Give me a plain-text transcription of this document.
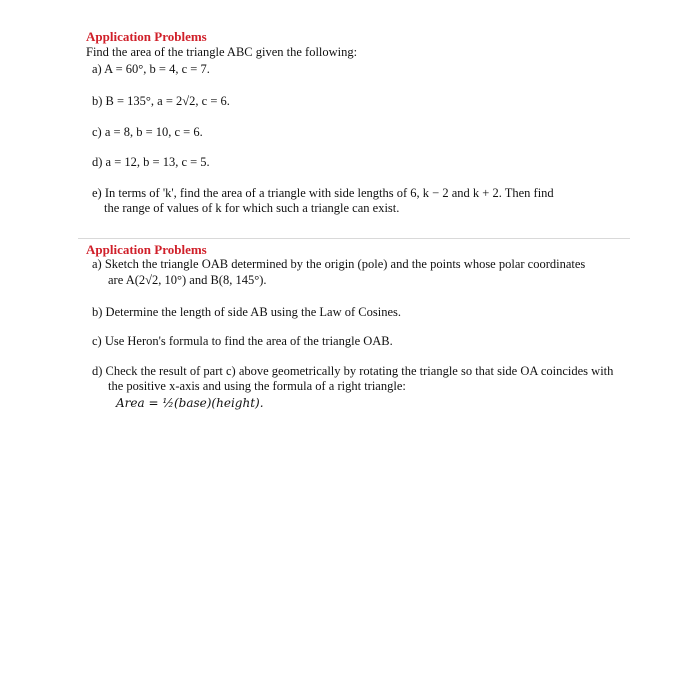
Application Problems
Find the area of the triangle ABC given the following:
a) A = 60°, b = 4, c = 7.
b) B = 135°, a = 2√2, c = 6.
c) a = 8, b = 10, c = 6.
d) a = 12, b = 13, c = 5.
e) In terms of 'k', find the area of a triangle with side lengths of 6, k − 2 and k + 2. Then find
the range of values of k for which such a triangle can exist.
Application Problems
a) Sketch the triangle OAB determined by the origin (pole) and the points whose polar coordinates
are A(2√2, 10°) and B(8, 145°).
b) Determine the length of side AB using the Law of Cosines.
c) Use Heron's formula to find the area of the triangle OAB.
d) Check the result of part c) above geometrically by rotating the triangle so that side OA coincides with
the positive x-axis and using the formula of a right triangle:
Area = ½(base)(height).
